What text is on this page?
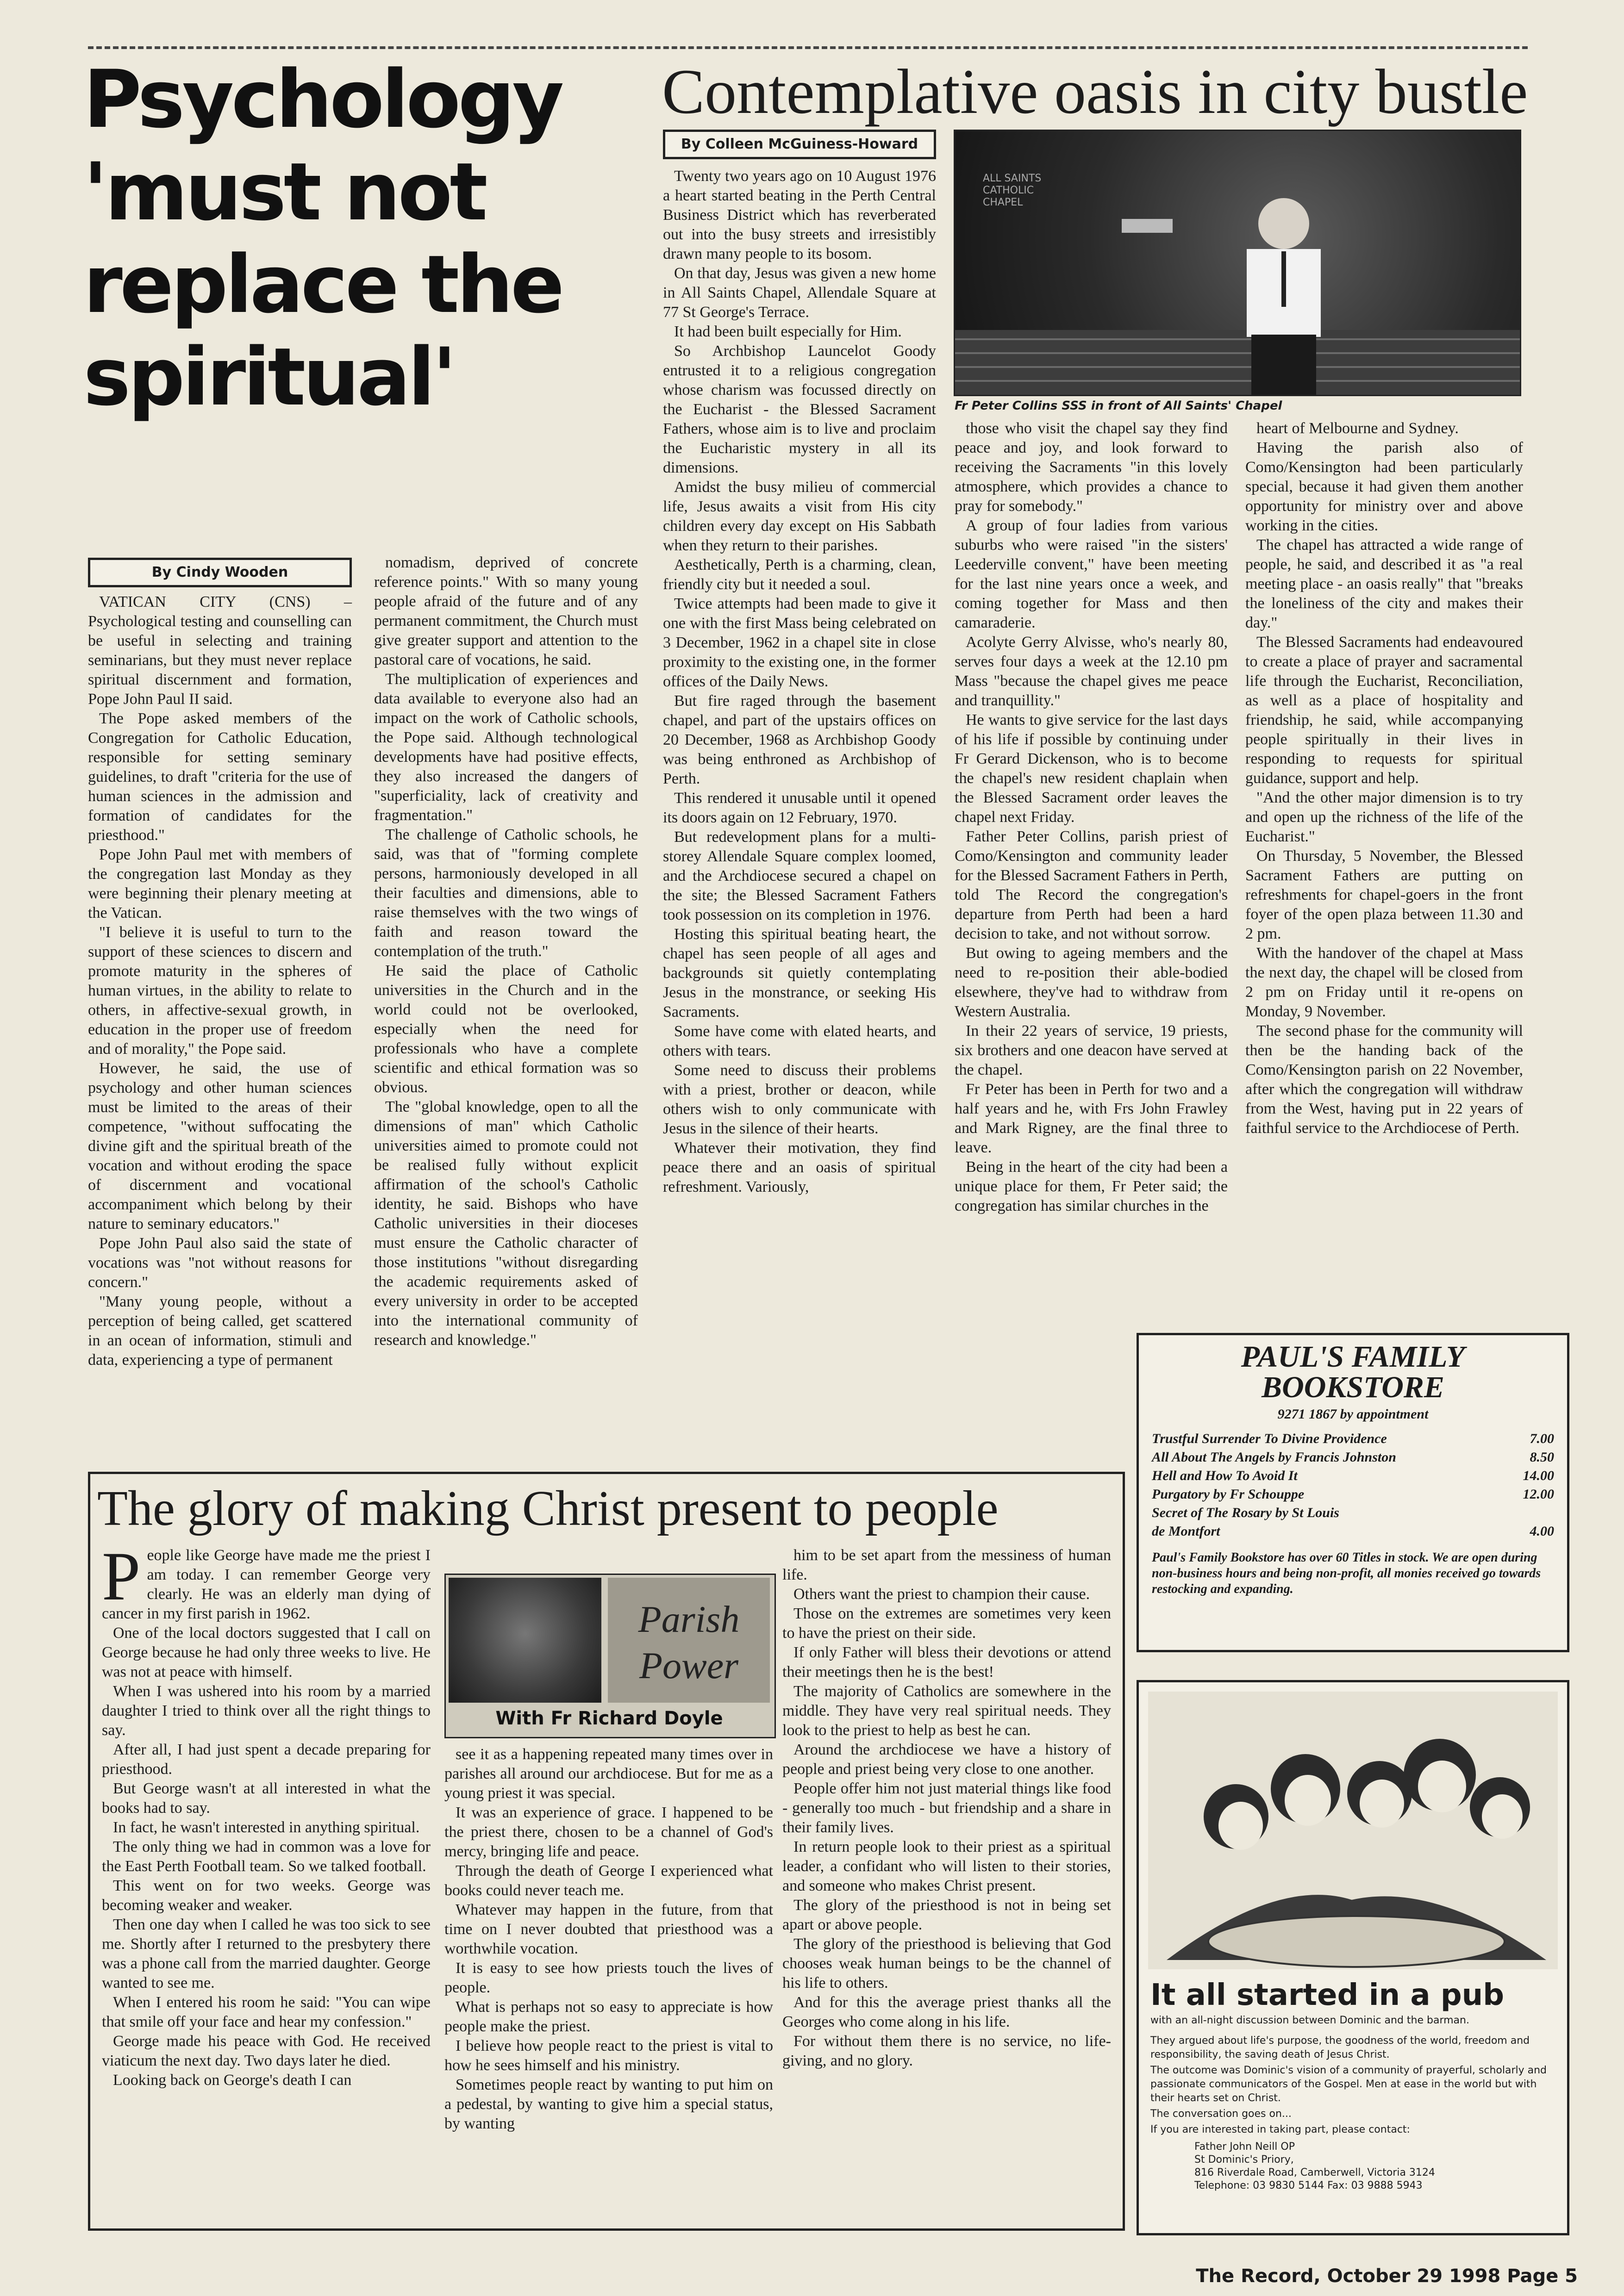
Psychology 'must not replace the spiritual'
By Cindy Wooden

VATICAN CITY (CNS) – Psychological testing and counselling can be useful in selecting and training seminarians, but they must never replace spiritual discernment and formation, Pope John Paul II said.

The Pope asked members of the Congregation for Catholic Education, responsible for setting seminary guidelines, to draft "criteria for the use of human sciences in the admission and formation of candidates for the priesthood."

Pope John Paul met with members of the congregation last Monday as they were beginning their plenary meeting at the Vatican.

"I believe it is useful to turn to the support of these sciences to discern and promote maturity in the spheres of human virtues, in the ability to relate to others, in affective-sexual growth, in education in the proper use of freedom and of morality," the Pope said.

However, he said, the use of psychology and other human sciences must be limited to the areas of their competence, "without suffocating the divine gift and the spiritual breath of the vocation and without eroding the space of discernment and vocational accompaniment which belong by their nature to seminary educators."

Pope John Paul also said the state of vocations was "not without reasons for concern."

"Many young people, without a perception of being called, get scattered in an ocean of information, stimuli and data, experiencing a type of permanent

nomadism, deprived of concrete reference points." With so many young people afraid of the future and of any permanent commitment, the Church must give greater support and attention to the pastoral care of vocations, he said.

The multiplication of experiences and data available to everyone also had an impact on the work of Catholic schools, the Pope said. Although technological developments have had positive effects, they also increased the dangers of "superficiality, lack of creativity and fragmentation."

The challenge of Catholic schools, he said, was that of "forming complete persons, harmoniously developed in all their faculties and dimensions, able to raise themselves with the two wings of faith and reason toward the contemplation of the truth."

He said the place of Catholic universities in the Church and in the world could not be overlooked, especially when the need for professionals who have a complete scientific and ethical formation was so obvious.

The "global knowledge, open to all the dimensions of man" which Catholic universities aimed to promote could not be realised fully without explicit affirmation of the school's Catholic identity, he said. Bishops who have Catholic universities in their dioceses must ensure the Catholic character of those institutions "without disregarding the academic requirements asked of every university in order to be accepted into the international community of research and knowledge."

Contemplative oasis in city bustle
By Colleen McGuiness-Howard

Twenty two years ago on 10 August 1976 a heart started beating in the Perth Central Business District which has reverberated out into the busy streets and irresistibly drawn many people to its bosom.

On that day, Jesus was given a new home in All Saints Chapel, Allendale Square at 77 St George's Terrace.

It had been built especially for Him.

So Archbishop Launcelot Goody entrusted it to a religious congregation whose charism was focussed directly on the Eucharist - the Blessed Sacrament Fathers, whose aim is to live and proclaim the Eucharistic mystery in all its dimensions.

Amidst the busy milieu of commercial life, Jesus awaits a visit from His city children every day except on His Sabbath when they return to their parishes.

Aesthetically, Perth is a charming, clean, friendly city but it needed a soul.

Twice attempts had been made to give it one with the first Mass being celebrated on 3 December, 1962 in a chapel site in close proximity to the existing one, in the former offices of the Daily News.

But fire raged through the basement chapel, and part of the upstairs offices on 20 December, 1968 as Archbishop Goody was being enthroned as Archbishop of Perth.

This rendered it unusable until it opened its doors again on 12 February, 1970.

But redevelopment plans for a multi-storey Allendale Square complex loomed, and the Archdiocese secured a chapel on the site; the Blessed Sacrament Fathers took possession on its completion in 1976.

Hosting this spiritual beating heart, the chapel has seen people of all ages and backgrounds sit quietly contemplating Jesus in the monstrance, or seeking His Sacraments.

Some have come with elated hearts, and others with tears.

Some need to discuss their problems with a priest, brother or deacon, while others wish to only communicate with Jesus in the silence of their hearts.

Whatever their motivation, they find peace there and an oasis of spiritual refreshment. Variously,

ALL SAINTS CATHOLIC CHAPEL
Fr Peter Collins SSS in front of All Saints' Chapel

those who visit the chapel say they find peace and joy, and look forward to receiving the Sacraments "in this lovely atmosphere, which provides a chance to pray for somebody."

A group of four ladies from various suburbs who were raised "in the sisters' Leederville convent," have been meeting for the last nine years once a week, and coming together for Mass and then camaraderie.

Acolyte Gerry Alvisse, who's nearly 80, serves four days a week at the 12.10 pm Mass "because the chapel gives me peace and tranquillity."

He wants to give service for the last days of his life if possible by continuing under Fr Gerard Dickenson, who is to become the chapel's new resident chaplain when the Blessed Sacrament order leaves the chapel next Friday.

Father Peter Collins, parish priest of Como/Kensington and community leader for the Blessed Sacrament Fathers in Perth, told The Record the congregation's departure from Perth had been a hard decision to take, and not without sorrow.

But owing to ageing members and the need to re-position their able-bodied elsewhere, they've had to withdraw from Western Australia.

In their 22 years of service, 19 priests, six brothers and one deacon have served at the chapel.

Fr Peter has been in Perth for two and a half years and he, with Frs John Frawley and Mark Rigney, are the final three to leave.

Being in the heart of the city had been a unique place for them, Fr Peter said; the congregation has similar churches in the

heart of Melbourne and Sydney.

Having the parish also of Como/Kensington had been particularly special, because it had given them another opportunity for ministry over and above working in the cities.

The chapel has attracted a wide range of people, he said, and described it as "a real meeting place - an oasis really" that "breaks the loneliness of the city and makes their day."

The Blessed Sacraments had endeavoured to create a place of prayer and sacramental life through the Eucharist, Reconciliation, as well as a place of hospitality and friendship, he said, while accompanying people spiritually in their lives in responding to requests for spiritual guidance, support and help.

"And the other major dimension is to try and open up the richness of the life of the Eucharist."

On Thursday, 5 November, the Blessed Sacrament Fathers are putting on refreshments for chapel-goers in the front foyer of the open plaza between 11.30 and 2 pm.

With the handover of the chapel at Mass the next day, the chapel will be closed from 2 pm on Friday until it re-opens on Monday, 9 November.

The second phase for the community will then be the handing back of the Como/Kensington parish on 22 November, after which the congregation will withdraw from the West, having put in 22 years of faithful service to the Archdiocese of Perth.

PAUL'S FAMILY
BOOKSTORE
9271 1867 by appointment
Trustful Surrender To Divine Providence	7.00
All About The Angels by Francis Johnston	8.50
Hell and How To Avoid It	14.00
Purgatory by Fr Schouppe	12.00
Secret of The Rosary by St Louis
de Montfort	4.00
Paul's Family Bookstore has over 60 Titles in stock. We are open during non-business hours and being non-profit, all monies received go towards restocking and expanding.
The glory of making Christ present to people

People like George have made me the priest I am today. I can remember George very clearly. He was an elderly man dying of cancer in my first parish in 1962.

One of the local doctors suggested that I call on George because he had only three weeks to live. He was not at peace with himself.

When I was ushered into his room by a married daughter I tried to think over all the right things to say.

After all, I had just spent a decade preparing for priesthood.

But George wasn't at all interested in what the books had to say.

In fact, he wasn't interested in anything spiritual.

The only thing we had in common was a love for the East Perth Football team. So we talked football.

This went on for two weeks. George was becoming weaker and weaker.

Then one day when I called he was too sick to see me. Shortly after I returned to the presbytery there was a phone call from the married daughter. George wanted to see me.

When I entered his room he said: "You can wipe that smile off your face and hear my confession."

George made his peace with God. He received viaticum the next day. Two days later he died.

Looking back on George's death I can

Parish Power
With Fr Richard Doyle

see it as a happening repeated many times over in parishes all around our archdiocese. But for me as a young priest it was special.

It was an experience of grace. I happened to be the priest there, chosen to be a channel of God's mercy, bringing life and peace.

Through the death of George I experienced what books could never teach me.

Whatever may happen in the future, from that time on I never doubted that priesthood was a worthwhile vocation.

It is easy to see how priests touch the lives of people.

What is perhaps not so easy to appreciate is how people make the priest.

I believe how people react to the priest is vital to how he sees himself and his ministry.

Sometimes people react by wanting to put him on a pedestal, by wanting to give him a special status, by wanting

him to be set apart from the messiness of human life.

Others want the priest to champion their cause.

Those on the extremes are sometimes very keen to have the priest on their side.

If only Father will bless their devotions or attend their meetings then he is the best!

The majority of Catholics are somewhere in the middle. They have very real spiritual needs. They look to the priest to help as best he can.

Around the archdiocese we have a history of people and priest being very close to one another.

People offer him not just material things like food - generally too much - but friendship and a share in their family lives.

In return people look to their priest as a spiritual leader, a confidant who will listen to their stories, and someone who makes Christ present.

The glory of the priesthood is not in being set apart or above people.

The glory of the priesthood is believing that God chooses weak human beings to be the channel of his life to others.

And for this the average priest thanks all the Georges who come along in his life.

For without them there is no service, no life-giving, and no glory.

It all started in a pub

with an all-night discussion between Dominic and the barman.

They argued about life's purpose, the goodness of the world, freedom and responsibility, the saving death of Jesus Christ.

The outcome was Dominic's vision of a community of prayerful, scholarly and passionate communicators of the Gospel. Men at ease in the world but with their hearts set on Christ.

The conversation goes on...

If you are interested in taking part, please contact:

Father John Neill OP

St Dominic's Priory,

816 Riverdale Road, Camberwell, Victoria 3124

Telephone: 03 9830 5144 Fax: 03 9888 5943

The Record, October 29 1998 Page 5
